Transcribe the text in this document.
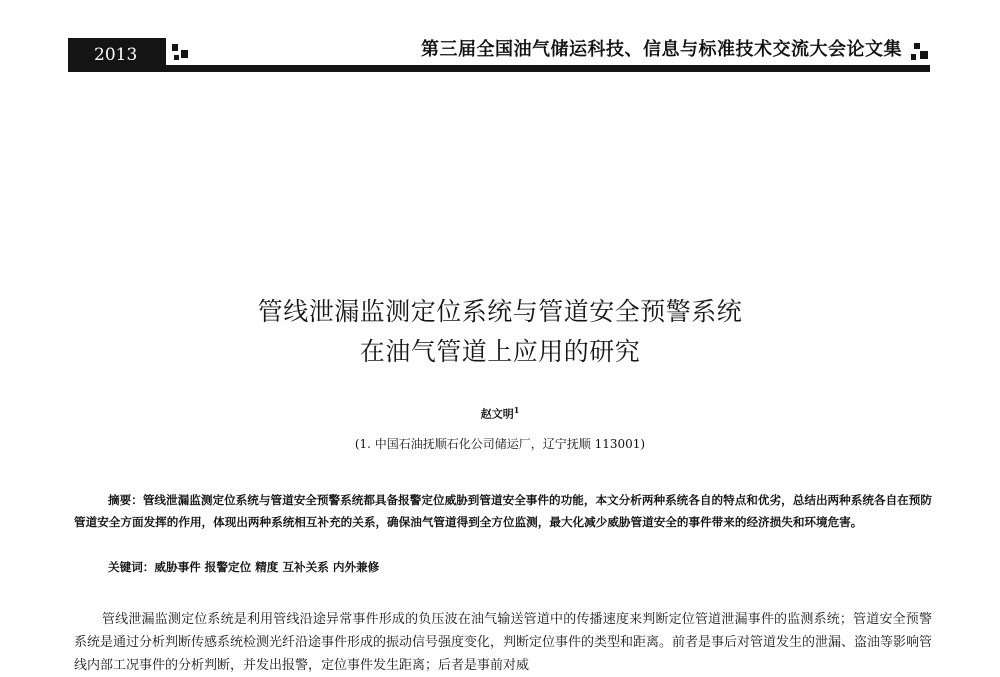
2013	第三届全国油气储运科技、信息与标准技术交流大会论文集
管线泄漏监测定位系统与管道安全预警系统
在油气管道上应用的研究
赵文明$^1$
(1. 中国石油抚顺石化公司储运厂，辽宁抚顺 113001)

摘要：管线泄漏监测定位系统与管道安全预警系统都具备报警定位威胁到管道安全事件的功能，本文分析两种系统各自的特点和优劣，总结出两种系统各自在预防管道安全方面发挥的作用，体现出两种系统相互补充的关系，确保油气管道得到全方位监测，最大化减少威胁管道安全的事件带来的经济损失和环境危害。

关键词：威胁事件 报警定位 精度 互补关系 内外兼修

管线泄漏监测定位系统是利用管线沿途异常事件形成的负压波在油气输送管道中的传播速度来判断定位管道泄漏事件的监测系统；管道安全预警系统是通过分析判断传感系统检测光纤沿途事件形成的振动信号强度变化，判断定位事件的类型和距离。前者是事后对管道发生的泄漏、盗油等影响管线内部工况事件的分析判断，并发出报警，定位事件发生距离；后者是事前对威
